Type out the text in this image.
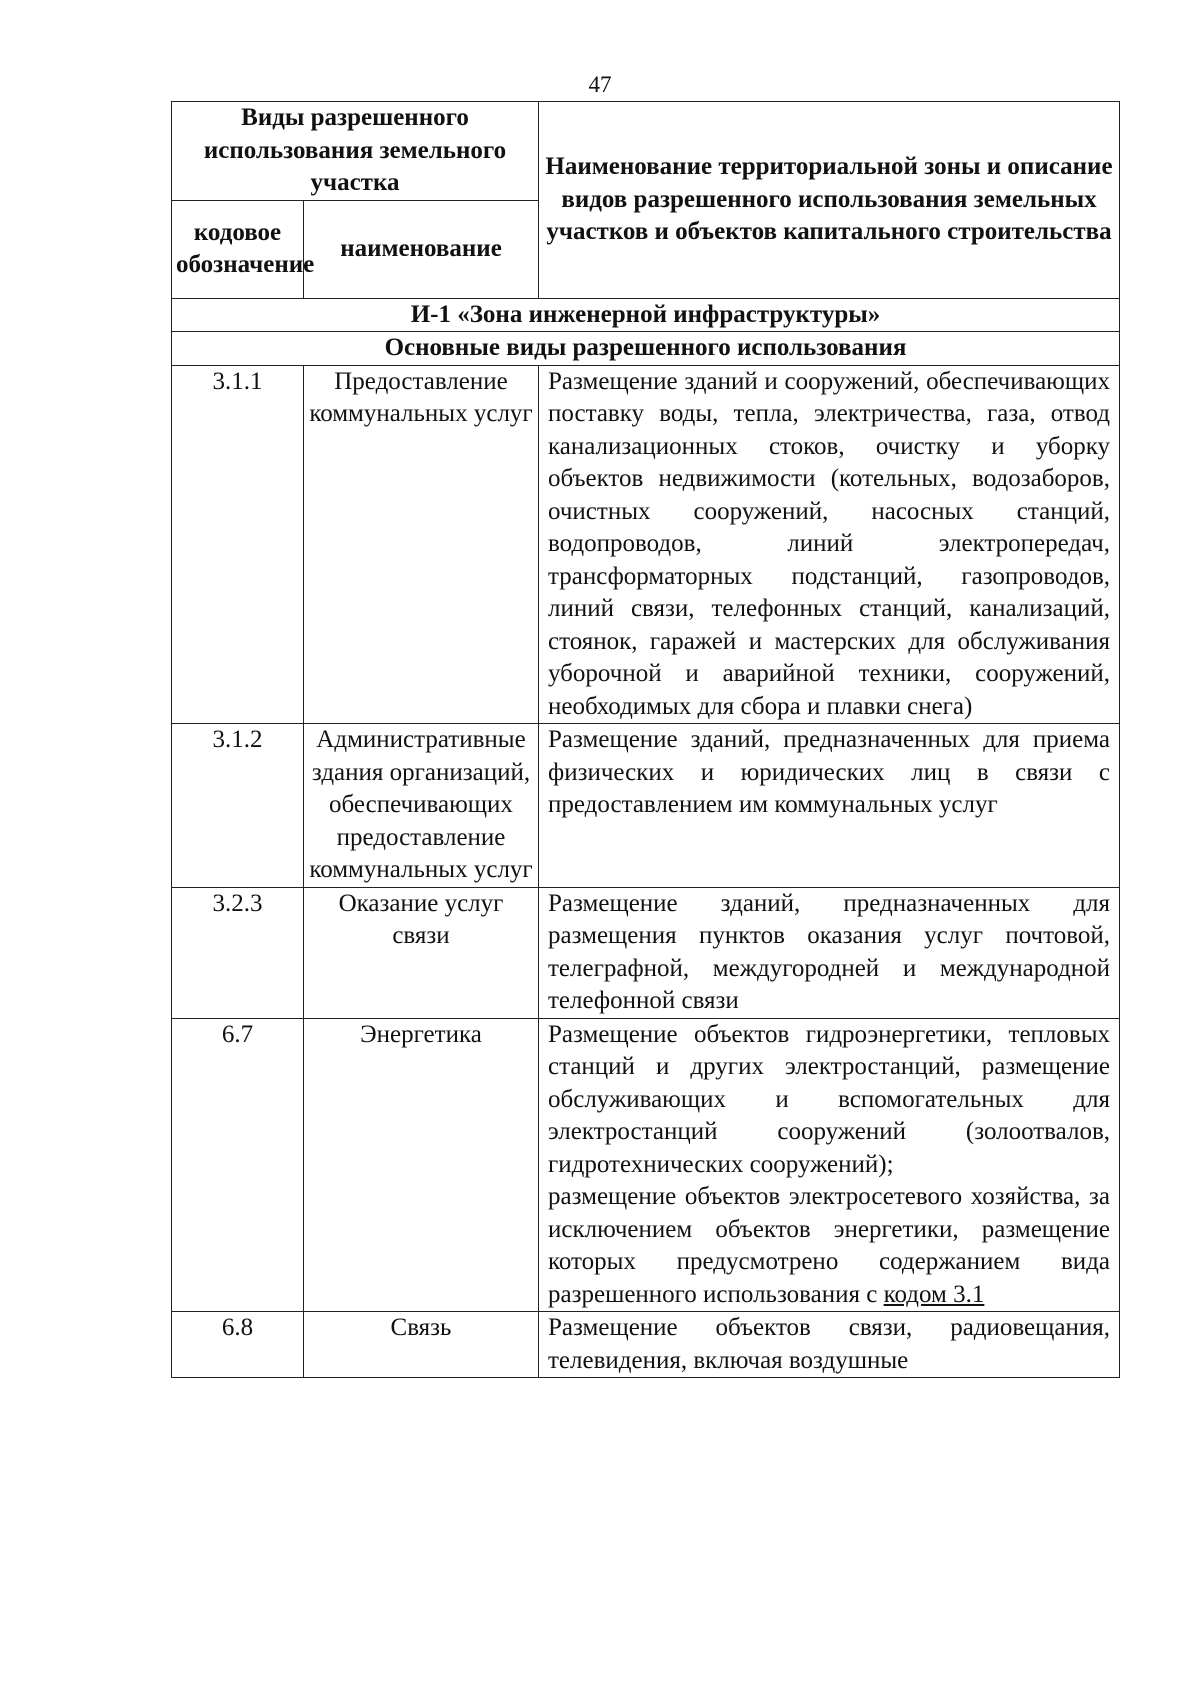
47
Виды разрешенного использования земельного участка		Наименование территориальной зоны и описание видов разрешенного использования земельных участков и объектов капитального строительства
кодовое обозначение	наименование	
И-1 «Зона инженерной инфраструктуры»		
Основные виды разрешенного использования		
3.1.1	Предоставление коммунальных услуг	Размещение зданий и сооружений, обеспечивающих поставку воды, тепла, электричества, газа, отвод канализационных стоков, очистку и уборку объектов недвижимости (котельных, водозаборов, очистных сооружений, насосных станций, водопроводов, линий электропередач, трансформаторных подстанций, газопроводов, линий связи, телефонных станций, канализаций, стоянок, гаражей и мастерских для обслуживания уборочной и аварийной техники, сооружений, необходимых для сбора и плавки снега)
3.1.2	Административные здания организаций, обеспечивающих предоставление коммунальных услуг	Размещение зданий, предназначенных для приема физических и юридических лиц в связи с предоставлением им коммунальных услуг
3.2.3	Оказание услуг связи	Размещение зданий, предназначенных для размещения пунктов оказания услуг почтовой, телеграфной, междугородней и международной телефонной связи
6.7	Энергетика	Размещение объектов гидроэнергетики, тепловых станций и других электростанций, размещение обслуживающих и вспомогательных для электростанций сооружений (золоотвалов, гидротехнических сооружений);

размещение объектов электросетевого хозяйства, за исключением объектов энергетики, размещение которых предусмотрено содержанием вида разрешенного использования с кодом 3.1

6.8	Связь	Размещение объектов связи, радиовещания, телевидения, включая воздушные
